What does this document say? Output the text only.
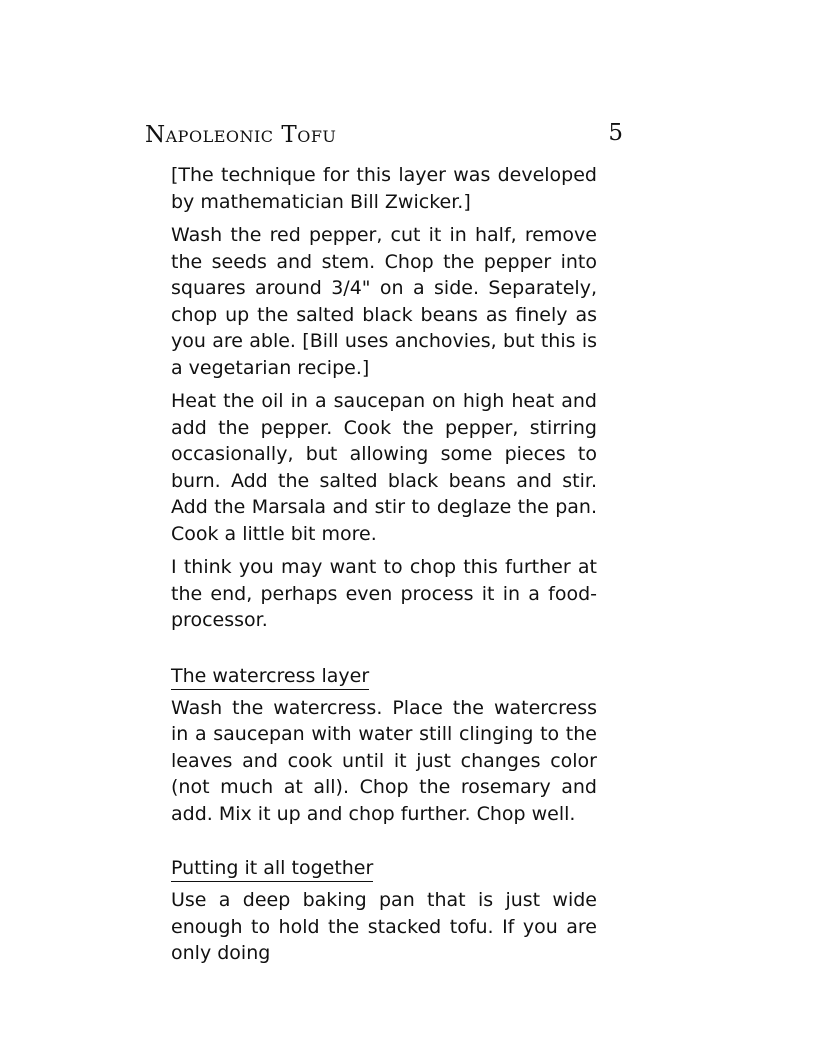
Napoleonic Tofu	5

[The technique for this layer was developed by mathematician Bill Zwicker.]

Wash the red pepper, cut it in half, remove the seeds and stem. Chop the pepper into squares around 3/4" on a side. Separately, chop up the salted black beans as finely as you are able. [Bill uses anchovies, but this is a vegetarian recipe.]

Heat the oil in a saucepan on high heat and add the pepper. Cook the pepper, stirring occasionally, but allowing some pieces to burn. Add the salted black beans and stir. Add the Marsala and stir to deglaze the pan. Cook a little bit more.

I think you may want to chop this further at the end, perhaps even process it in a food-processor.

The watercress layer

Wash the watercress. Place the watercress in a saucepan with water still clinging to the leaves and cook until it just changes color (not much at all). Chop the rosemary and add. Mix it up and chop further. Chop well.

Putting it all together

Use a deep baking pan that is just wide enough to hold the stacked tofu. If you are only doing
